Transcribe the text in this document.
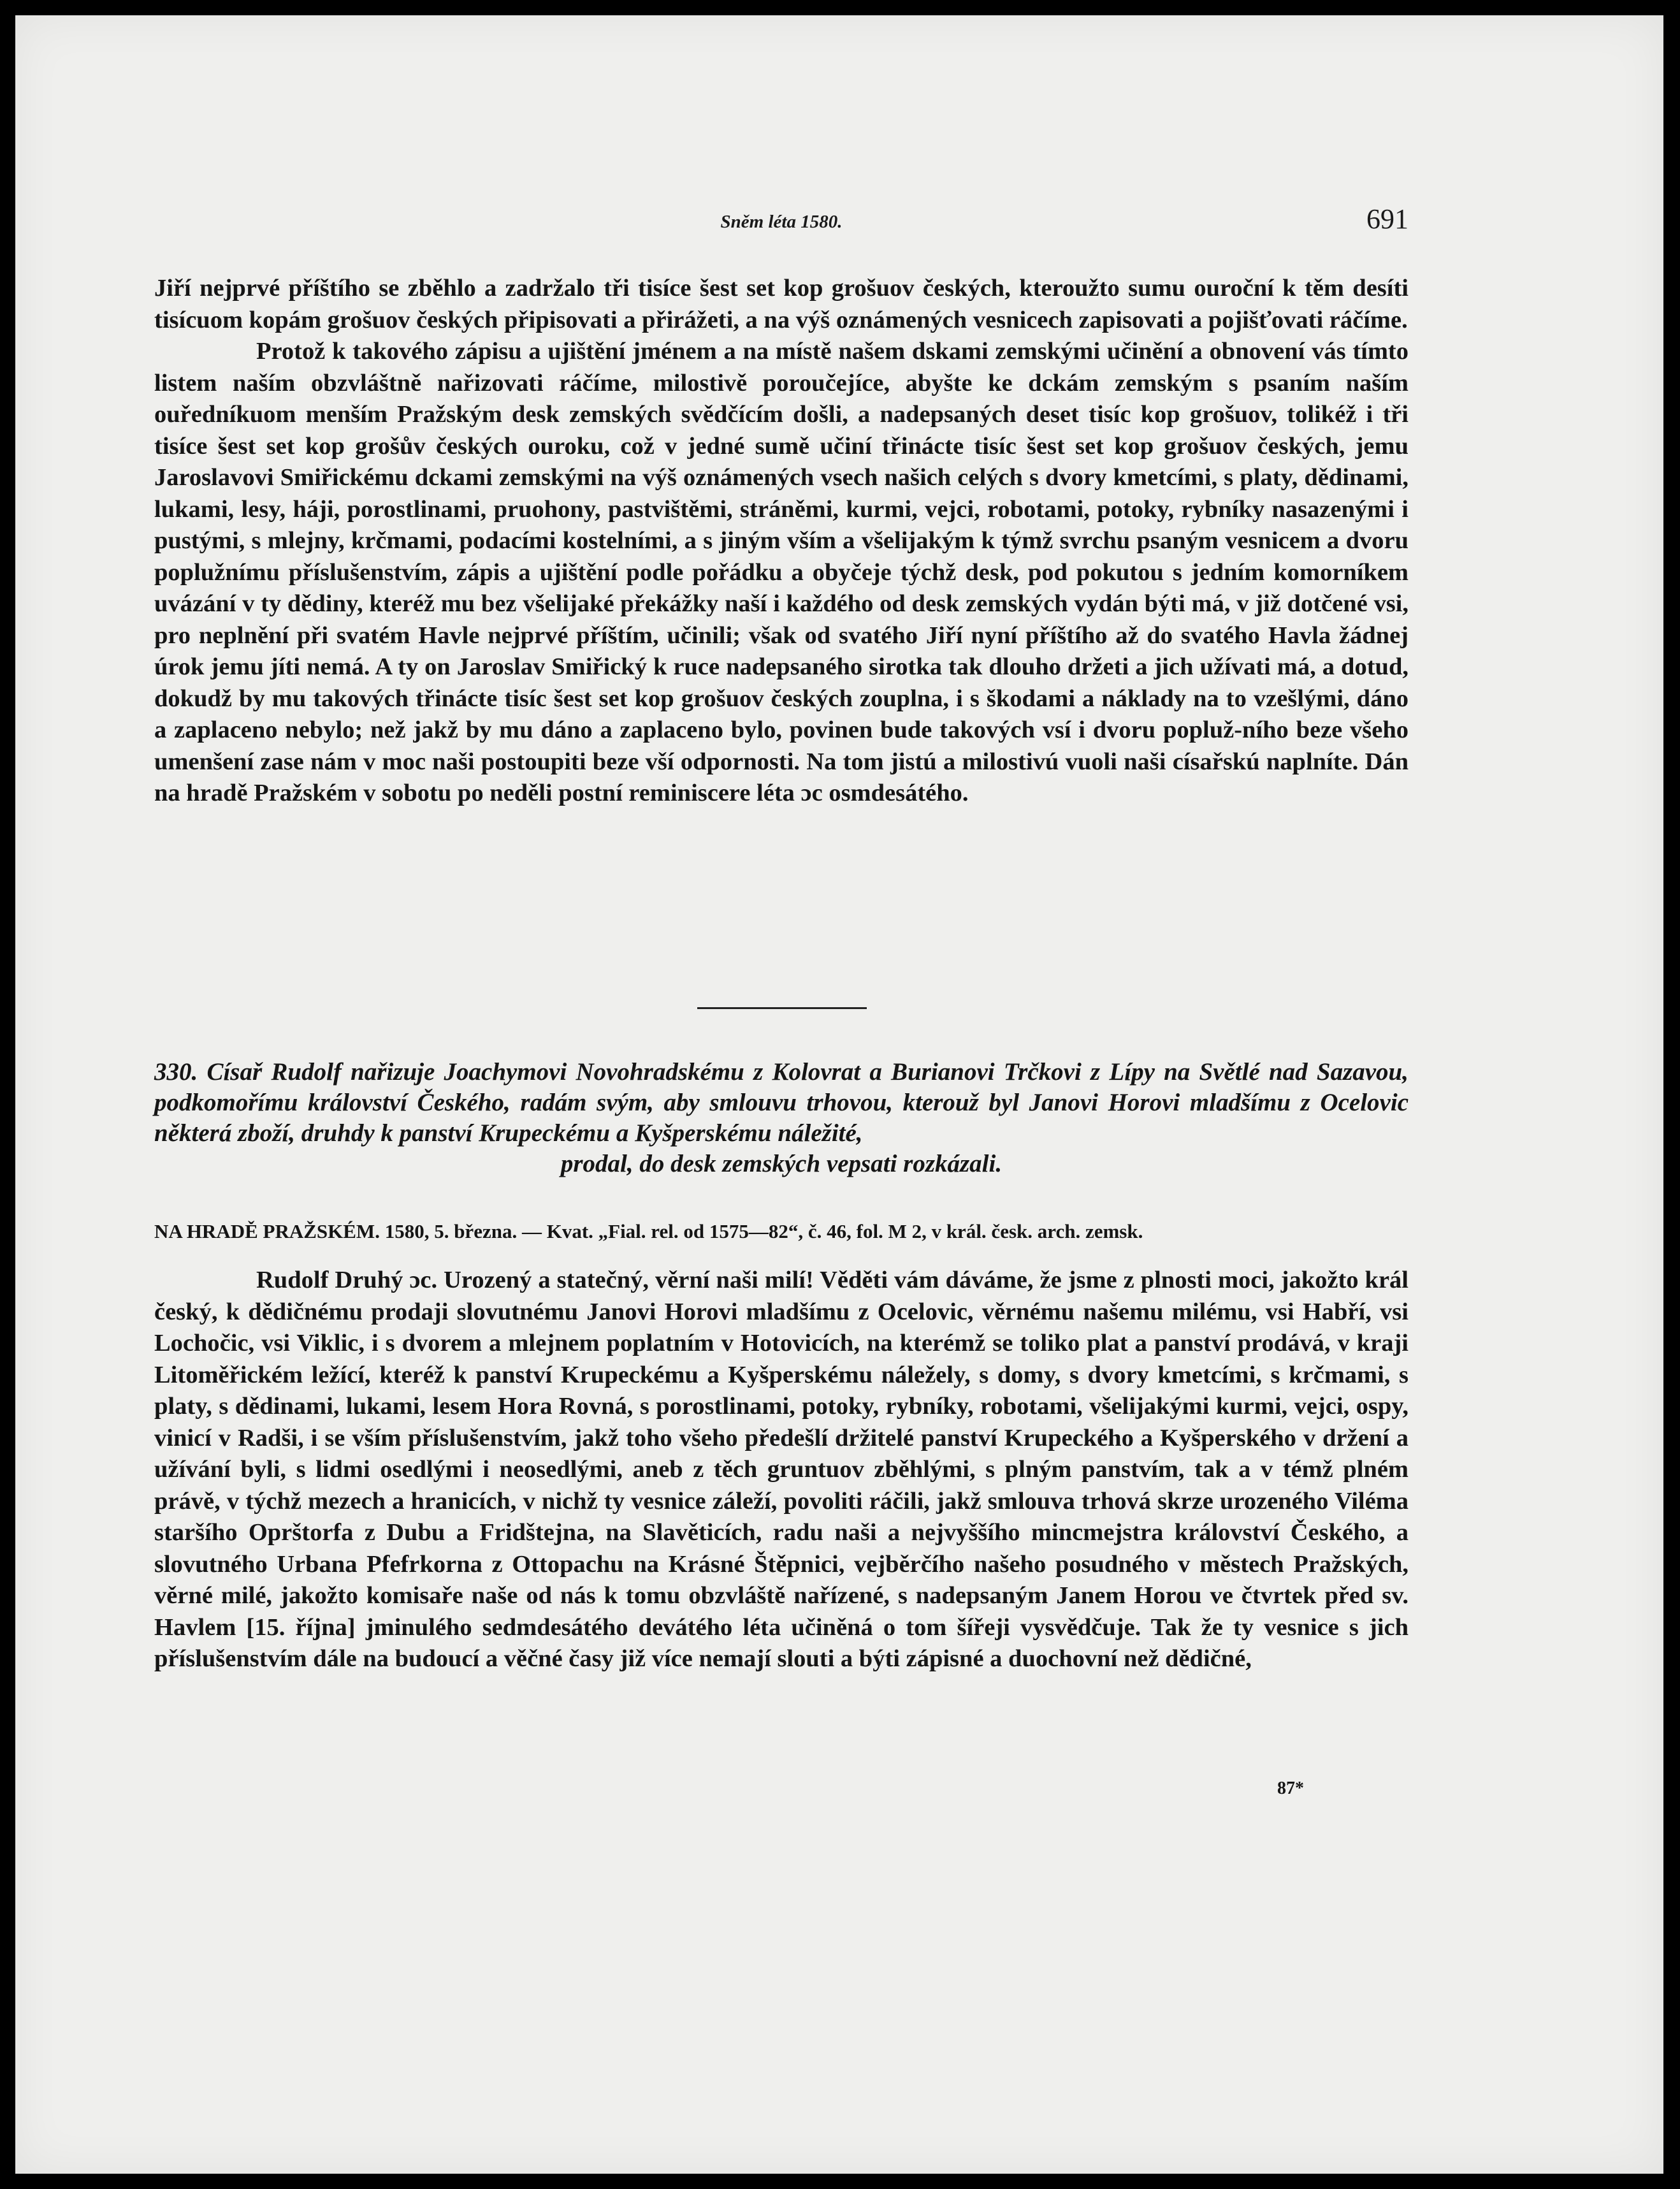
Sněm léta 1580.	691

Jiří nejprvé příštího se zběhlo a zadržalo tři tisíce šest set kop grošuov českých, kteroužto sumu ouroční k těm desíti tisícuom kopám grošuov českých připisovati a přirážeti, a na výš oznámených vesnicech zapisovati a pojišťovati ráčíme.

Protož k takového zápisu a ujištění jménem a na místě našem dskami zemskými učinění a obnovení vás tímto listem naším obzvláštně nařizovati ráčíme, milostivě poroučejíce, abyšte ke dckám zemským s psaním naším ouředníkuom menším Pražským desk zemských svědčícím došli, a nadepsaných deset tisíc kop grošuov, tolikéž i tři tisíce šest set kop grošův českých ouroku, což v jedné sumě učiní třinácte tisíc šest set kop grošuov českých, jemu Jaroslavovi Smiřickému dckami zemskými na výš oznámených vsech našich celých s dvory kmetcími, s platy, dědinami, lukami, lesy, háji, porostlinami, pruohony, pastvištěmi, stráněmi, kurmi, vejci, robotami, potoky, rybníky nasazenými i pustými, s mlejny, krčmami, podacími kostelními, a s jiným vším a všelijakým k týmž svrchu psaným vesnicem a dvoru poplužnímu příslušenstvím, zápis a ujištění podle pořádku a obyčeje týchž desk, pod pokutou s jedním komorníkem uvázání v ty dědiny, kteréž mu bez všelijaké překážky naší i každého od desk zemských vydán býti má, v již dotčené vsi, pro neplnění při svatém Havle nejprvé příštím, učinili; však od svatého Jiří nyní příštího až do svatého Havla žádnej úrok jemu jíti nemá. A ty on Jaroslav Smiřický k ruce nadepsaného sirotka tak dlouho držeti a jich užívati má, a dotud, dokudž by mu takových třinácte tisíc šest set kop grošuov českých zouplna, i s škodami a náklady na to vzešlými, dáno a zaplaceno nebylo; než jakž by mu dáno a zaplaceno bylo, povinen bude takových vsí i dvoru popluž-ního beze všeho umenšení zase nám v moc naši postoupiti beze vší odpornosti. Na tom jistú a milostivú vuoli naši císařskú naplníte. Dán na hradě Pražském v sobotu po neděli postní reminiscere léta ɔc osmdesátého.

330. Císař Rudolf nařizuje Joachymovi Novohradskému z Kolovrat a Burianovi Trčkovi z Lípy na Světlé nad Sazavou, podkomořímu království Českého, radám svým, aby smlouvu trhovou, kterouž byl Janovi Horovi mladšímu z Ocelovic některá zboží, druhdy k panství Krupeckému a Kyšperskému náležité,
prodal, do desk zemských vepsati rozkázali.
NA HRADĚ PRAŽSKÉM. 1580, 5. března. — Kvat. „Fial. rel. od 1575—82“, č. 46, fol. M 2, v král. česk. arch. zemsk.

Rudolf Druhý ɔc. Urozený a statečný, věrní naši milí! Věděti vám dáváme, že jsme z plnosti moci, jakožto král český, k dědičnému prodaji slovutnému Janovi Horovi mladšímu z Ocelovic, věrnému našemu milému, vsi Habří, vsi Lochočic, vsi Viklic, i s dvorem a mlejnem poplatním v Hotovicích, na kterémž se toliko plat a panství prodává, v kraji Litoměřickém ležící, kteréž k panství Krupeckému a Kyšperskému náležely, s domy, s dvory kmetcími, s krčmami, s platy, s dědinami, lukami, lesem Hora Rovná, s porostlinami, potoky, rybníky, robotami, všelijakými kurmi, vejci, ospy, vinicí v Radši, i se vším příslušenstvím, jakž toho všeho předešlí držitelé panství Krupeckého a Kyšperského v držení a užívání byli, s lidmi osedlými i neosedlými, aneb z těch gruntuov zběhlými, s plným panstvím, tak a v témž plném právě, v týchž mezech a hranicích, v nichž ty vesnice záleží, povoliti ráčili, jakž smlouva trhová skrze urozeného Viléma staršího Oprštorfa z Dubu a Fridštejna, na Slavěticích, radu naši a nejvyššího mincmejstra království Českého, a slovutného Urbana Pfefrkorna z Ottopachu na Krásné Štěpnici, vejběrčího našeho posudného v městech Pražských, věrné milé, jakožto komisaře naše od nás k tomu obzvláště nařízené, s nadepsaným Janem Horou ve čtvrtek před sv. Havlem [15. října] jminulého sedmdesátého devátého léta učiněná o tom šířeji vysvědčuje. Tak že ty vesnice s jich příslušenstvím dále na budoucí a věčné časy již více nemají slouti a býti zápisné a duochovní než dědičné,

87*
